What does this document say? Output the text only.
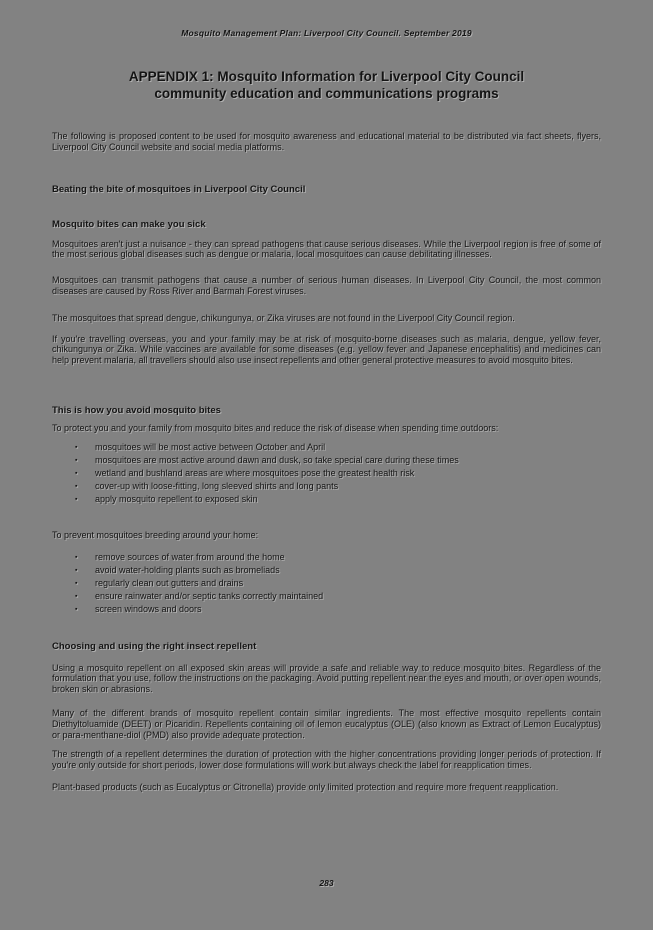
Mosquito Management Plan: Liverpool City Council. September 2019
APPENDIX 1: Mosquito Information for Liverpool City Council
community education and communications programs

The following is proposed content to be used for mosquito awareness and educational material to be distributed via fact sheets, flyers, Liverpool City Council website and social media platforms.

Beating the bite of mosquitoes in Liverpool City Council
Mosquito bites can make you sick

Mosquitoes aren't just a nuisance - they can spread pathogens that cause serious diseases. While the Liverpool region is free of some of the most serious global diseases such as dengue or malaria, local mosquitoes can cause debilitating illnesses.

Mosquitoes can transmit pathogens that cause a number of serious human diseases. In Liverpool City Council, the most common diseases are caused by Ross River and Barmah Forest viruses.

The mosquitoes that spread dengue, chikungunya, or Zika viruses are not found in the Liverpool City Council region.

If you're travelling overseas, you and your family may be at risk of mosquito-borne diseases such as malaria, dengue, yellow fever, chikungunya or Zika. While vaccines are available for some diseases (e.g. yellow fever and Japanese encephalitis) and medicines can help prevent malaria, all travellers should also use insect repellents and other general protective measures to avoid mosquito bites.

This is how you avoid mosquito bites

To protect you and your family from mosquito bites and reduce the risk of disease when spending time outdoors:

▪	mosquitoes will be most active between October and April
▪	mosquitoes are most active around dawn and dusk, so take special care during these times
▪	wetland and bushland areas are where mosquitoes pose the greatest health risk
▪	cover-up with loose-fitting, long sleeved shirts and long pants
▪	apply mosquito repellent to exposed skin

To prevent mosquitoes breeding around your home:

▪	remove sources of water from around the home
▪	avoid water-holding plants such as bromeliads
▪	regularly clean out gutters and drains
▪	ensure rainwater and/or septic tanks correctly maintained
▪	screen windows and doors
Choosing and using the right insect repellent

Using a mosquito repellent on all exposed skin areas will provide a safe and reliable way to reduce mosquito bites. Regardless of the formulation that you use, follow the instructions on the packaging. Avoid putting repellent near the eyes and mouth, or over open wounds, broken skin or abrasions.

Many of the different brands of mosquito repellent contain similar ingredients. The most effective mosquito repellents contain Diethyltoluamide (DEET) or Picaridin. Repellents containing oil of lemon eucalyptus (OLE) (also known as Extract of Lemon Eucalyptus) or para-menthane-diol (PMD) also provide adequate protection.

The strength of a repellent determines the duration of protection with the higher concentrations providing longer periods of protection. If you're only outside for short periods, lower dose formulations will work but always check the label for reapplication times.

Plant-based products (such as Eucalyptus or Citronella) provide only limited protection and require more frequent reapplication.

283
